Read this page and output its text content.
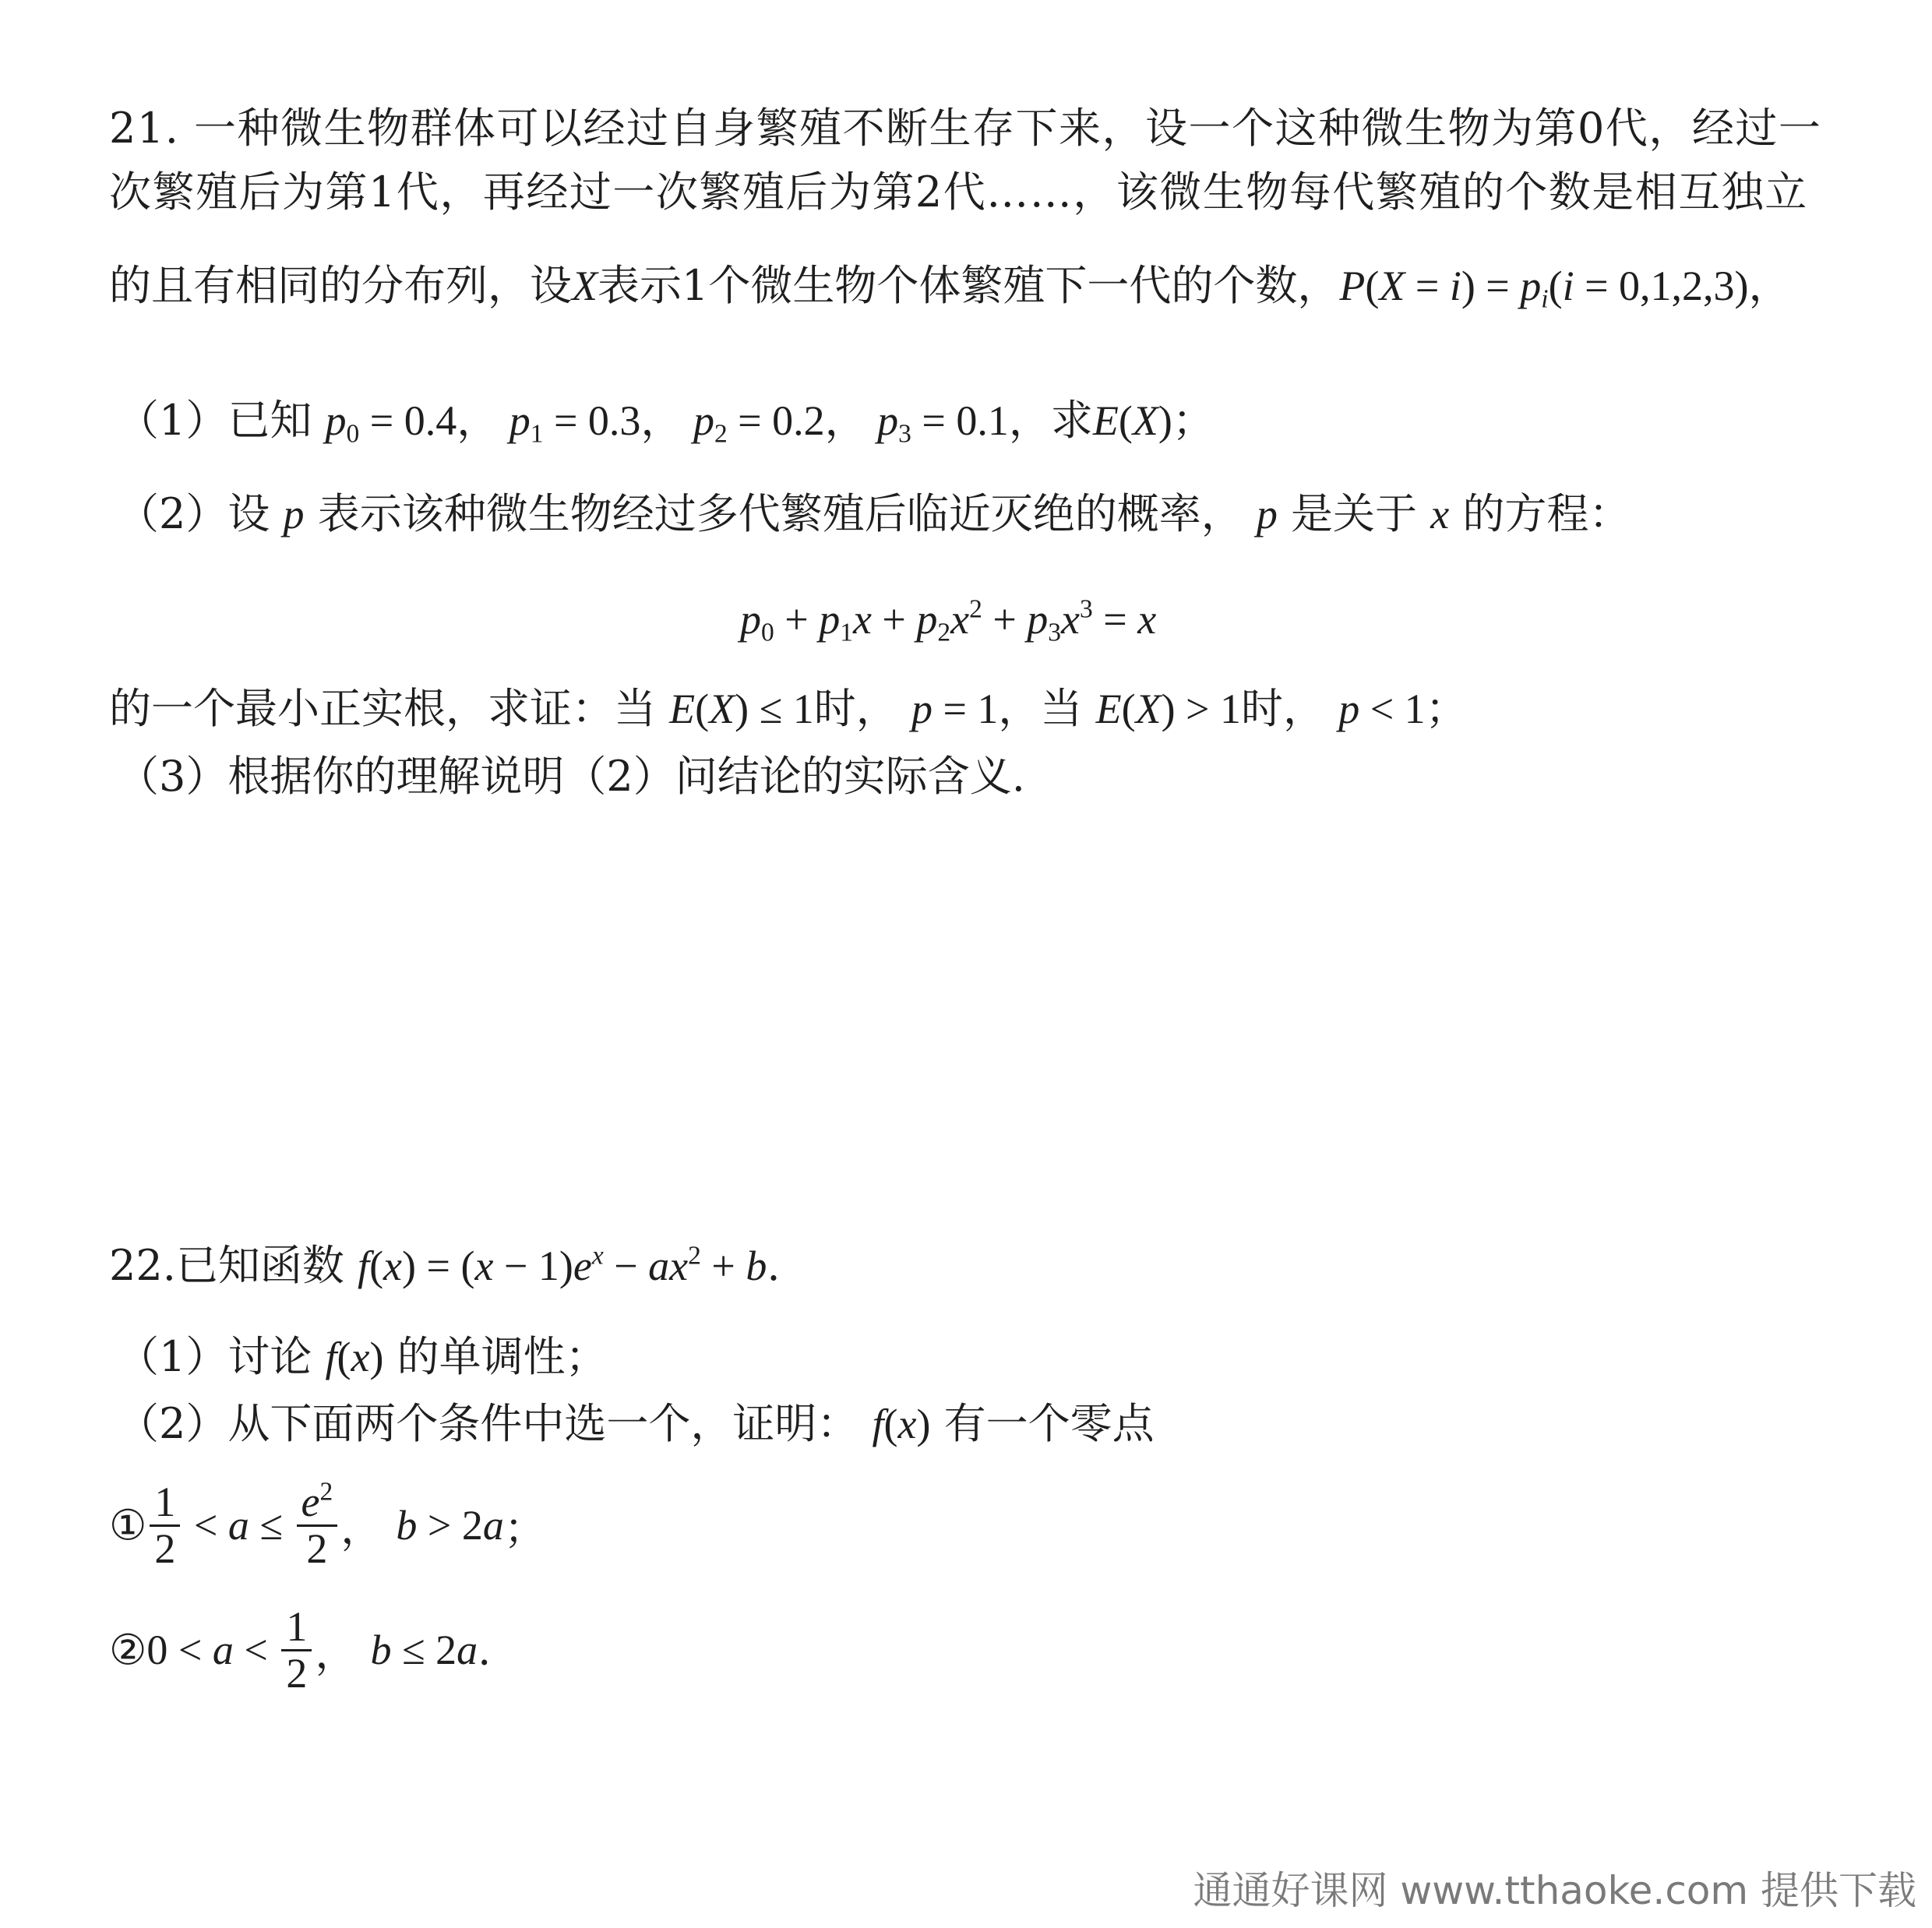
21. 一种微生物群体可以经过自身繁殖不断生存下来，设一个这种微生物为第0代，经过一
次繁殖后为第1代，再经过一次繁殖后为第2代……，该微生物每代繁殖的个数是相互独立
的且有相同的分布列，设X表示1个微生物个体繁殖下一代的个数，$P(X = i) = p_i(i = 0,1,2,3)$，
（1）已知 $p_0 = 0.4$， $p_1 = 0.3$， $p_2 = 0.2$， $p_3 = 0.1$，求E(X)；
（2）设 p 表示该种微生物经过多代繁殖后临近灭绝的概率， p 是关于 x 的方程：
$p_0 + p_1x + p_2x^2 + p_3x^3 = x$
的一个最小正实根，求证：当 E(X) ≤ 1时， p = 1，当 E(X) > 1时， p < 1；
（3）根据你的理解说明（2）问结论的实际含义.
22.已知函数 $f(x) = (x - 1)e^x - ax^2 + b$.
（1）讨论 f(x) 的单调性；
（2）从下面两个条件中选一个，证明： f(x) 有一个零点
① $\frac{1}{2} < a \le \frac{e^2}{2}$ ， b > 2a；
②0 < $a < \frac{1}{2}$ ， b ≤ 2a.
通通好课网 www.tthaoke.com 提供下载
